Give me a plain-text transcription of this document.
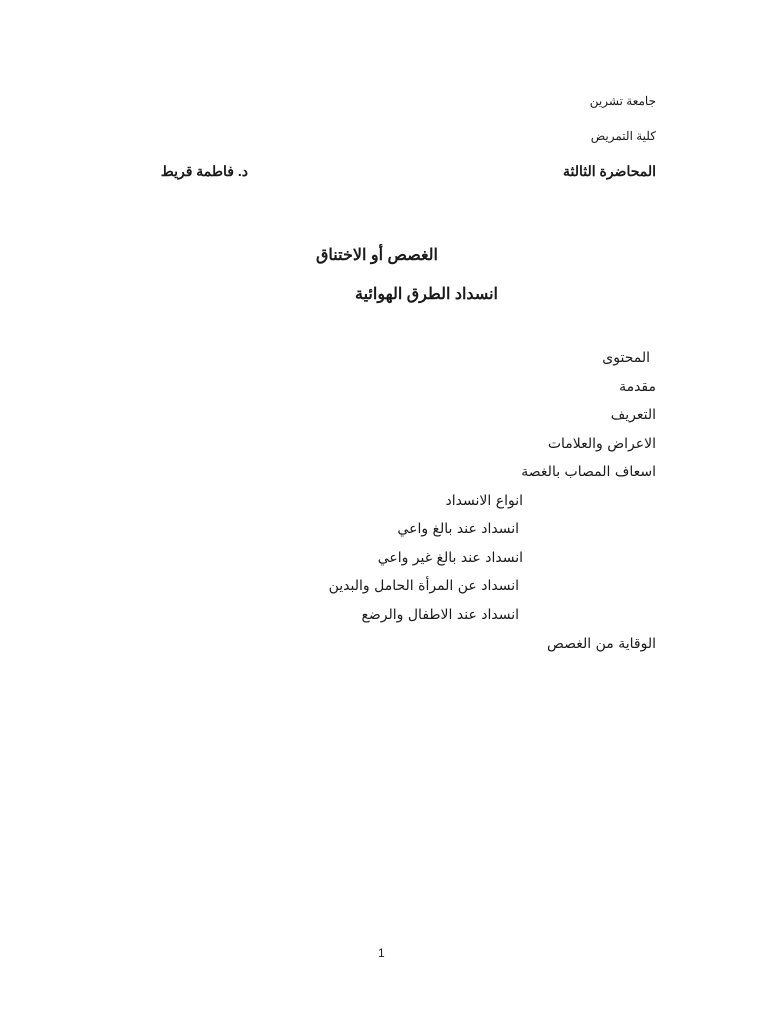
جامعة تشرين
كلية التمريض
المحاضرة الثالثة
د. فاطمة قريط
الغصص أو الاختناق
انسداد الطرق الهوائية
المحتوى
مقدمة
التعريف
الاعراض والعلامات
اسعاف المصاب بالغصة
انواع الانسداد
انسداد عند بالغ واعي
انسداد عند بالغ غير واعي
انسداد عن المرأة الحامل والبدين
انسداد عند الاطفال والرضع
الوقاية من الغصص
1
